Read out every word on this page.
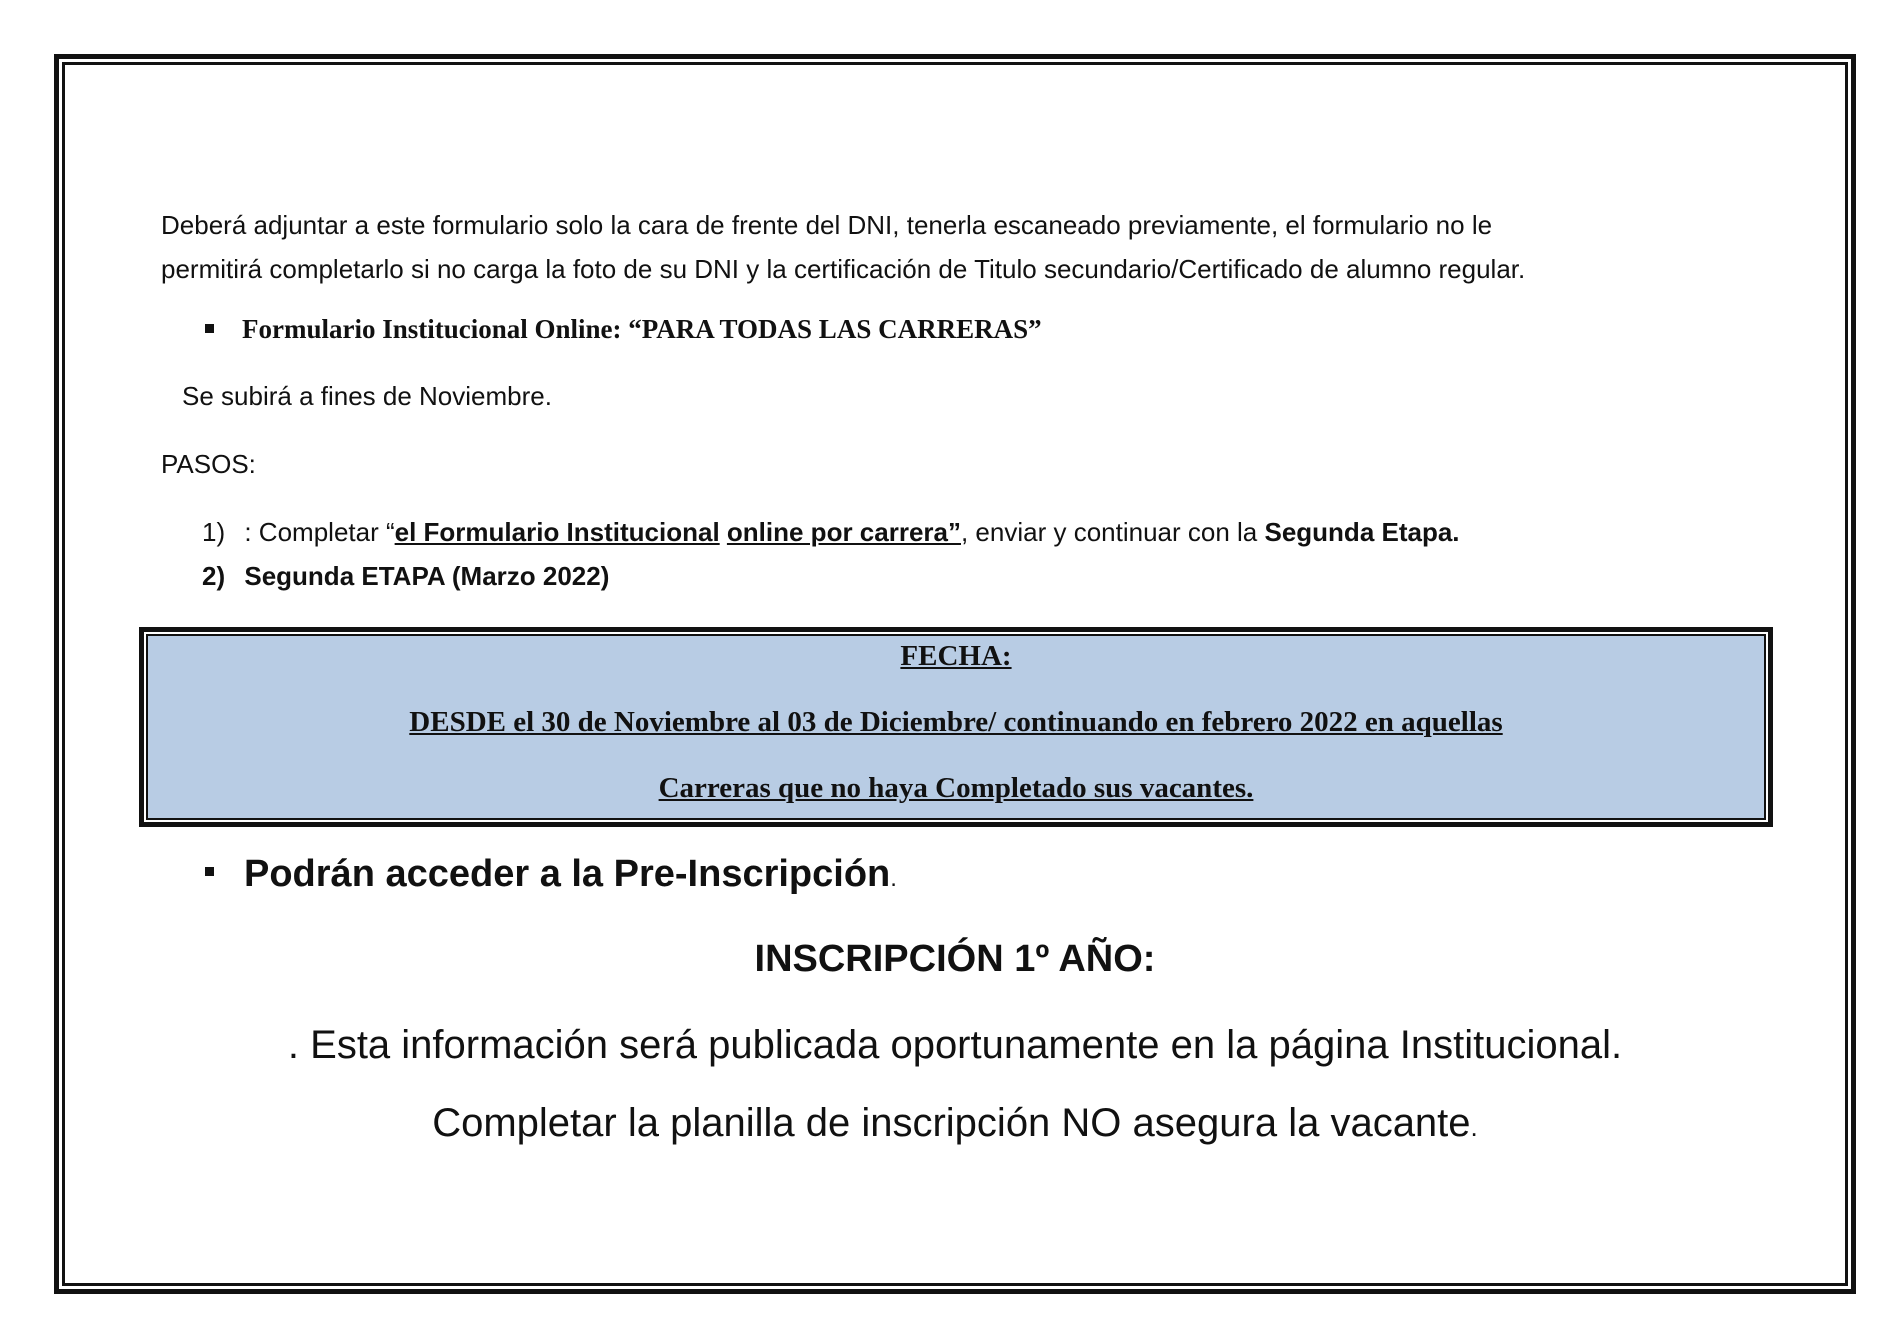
Deberá adjuntar a este formulario solo la cara de frente del DNI, tenerla escaneado previamente, el formulario no le
permitirá completarlo si no carga la foto de su DNI y la certificación de Titulo secundario/Certificado de alumno regular.
Formulario Institucional Online: “PARA TODAS LAS CARRERAS”
Se subirá a fines de Noviembre.
PASOS:
1) : Completar “el Formulario Institucional online por carrera”, enviar y continuar con la Segunda Etapa.
2) Segunda ETAPA (Marzo 2022)
FECHA:
DESDE el 30 de Noviembre al 03 de Diciembre/ continuando en febrero 2022 en aquellas
Carreras que no haya Completado sus vacantes.
Podrán acceder a la Pre-Inscripción.
INSCRIPCIÓN 1º AÑO:
. Esta información será publicada oportunamente en la página Institucional.
Completar la planilla de inscripción NO asegura la vacante.
